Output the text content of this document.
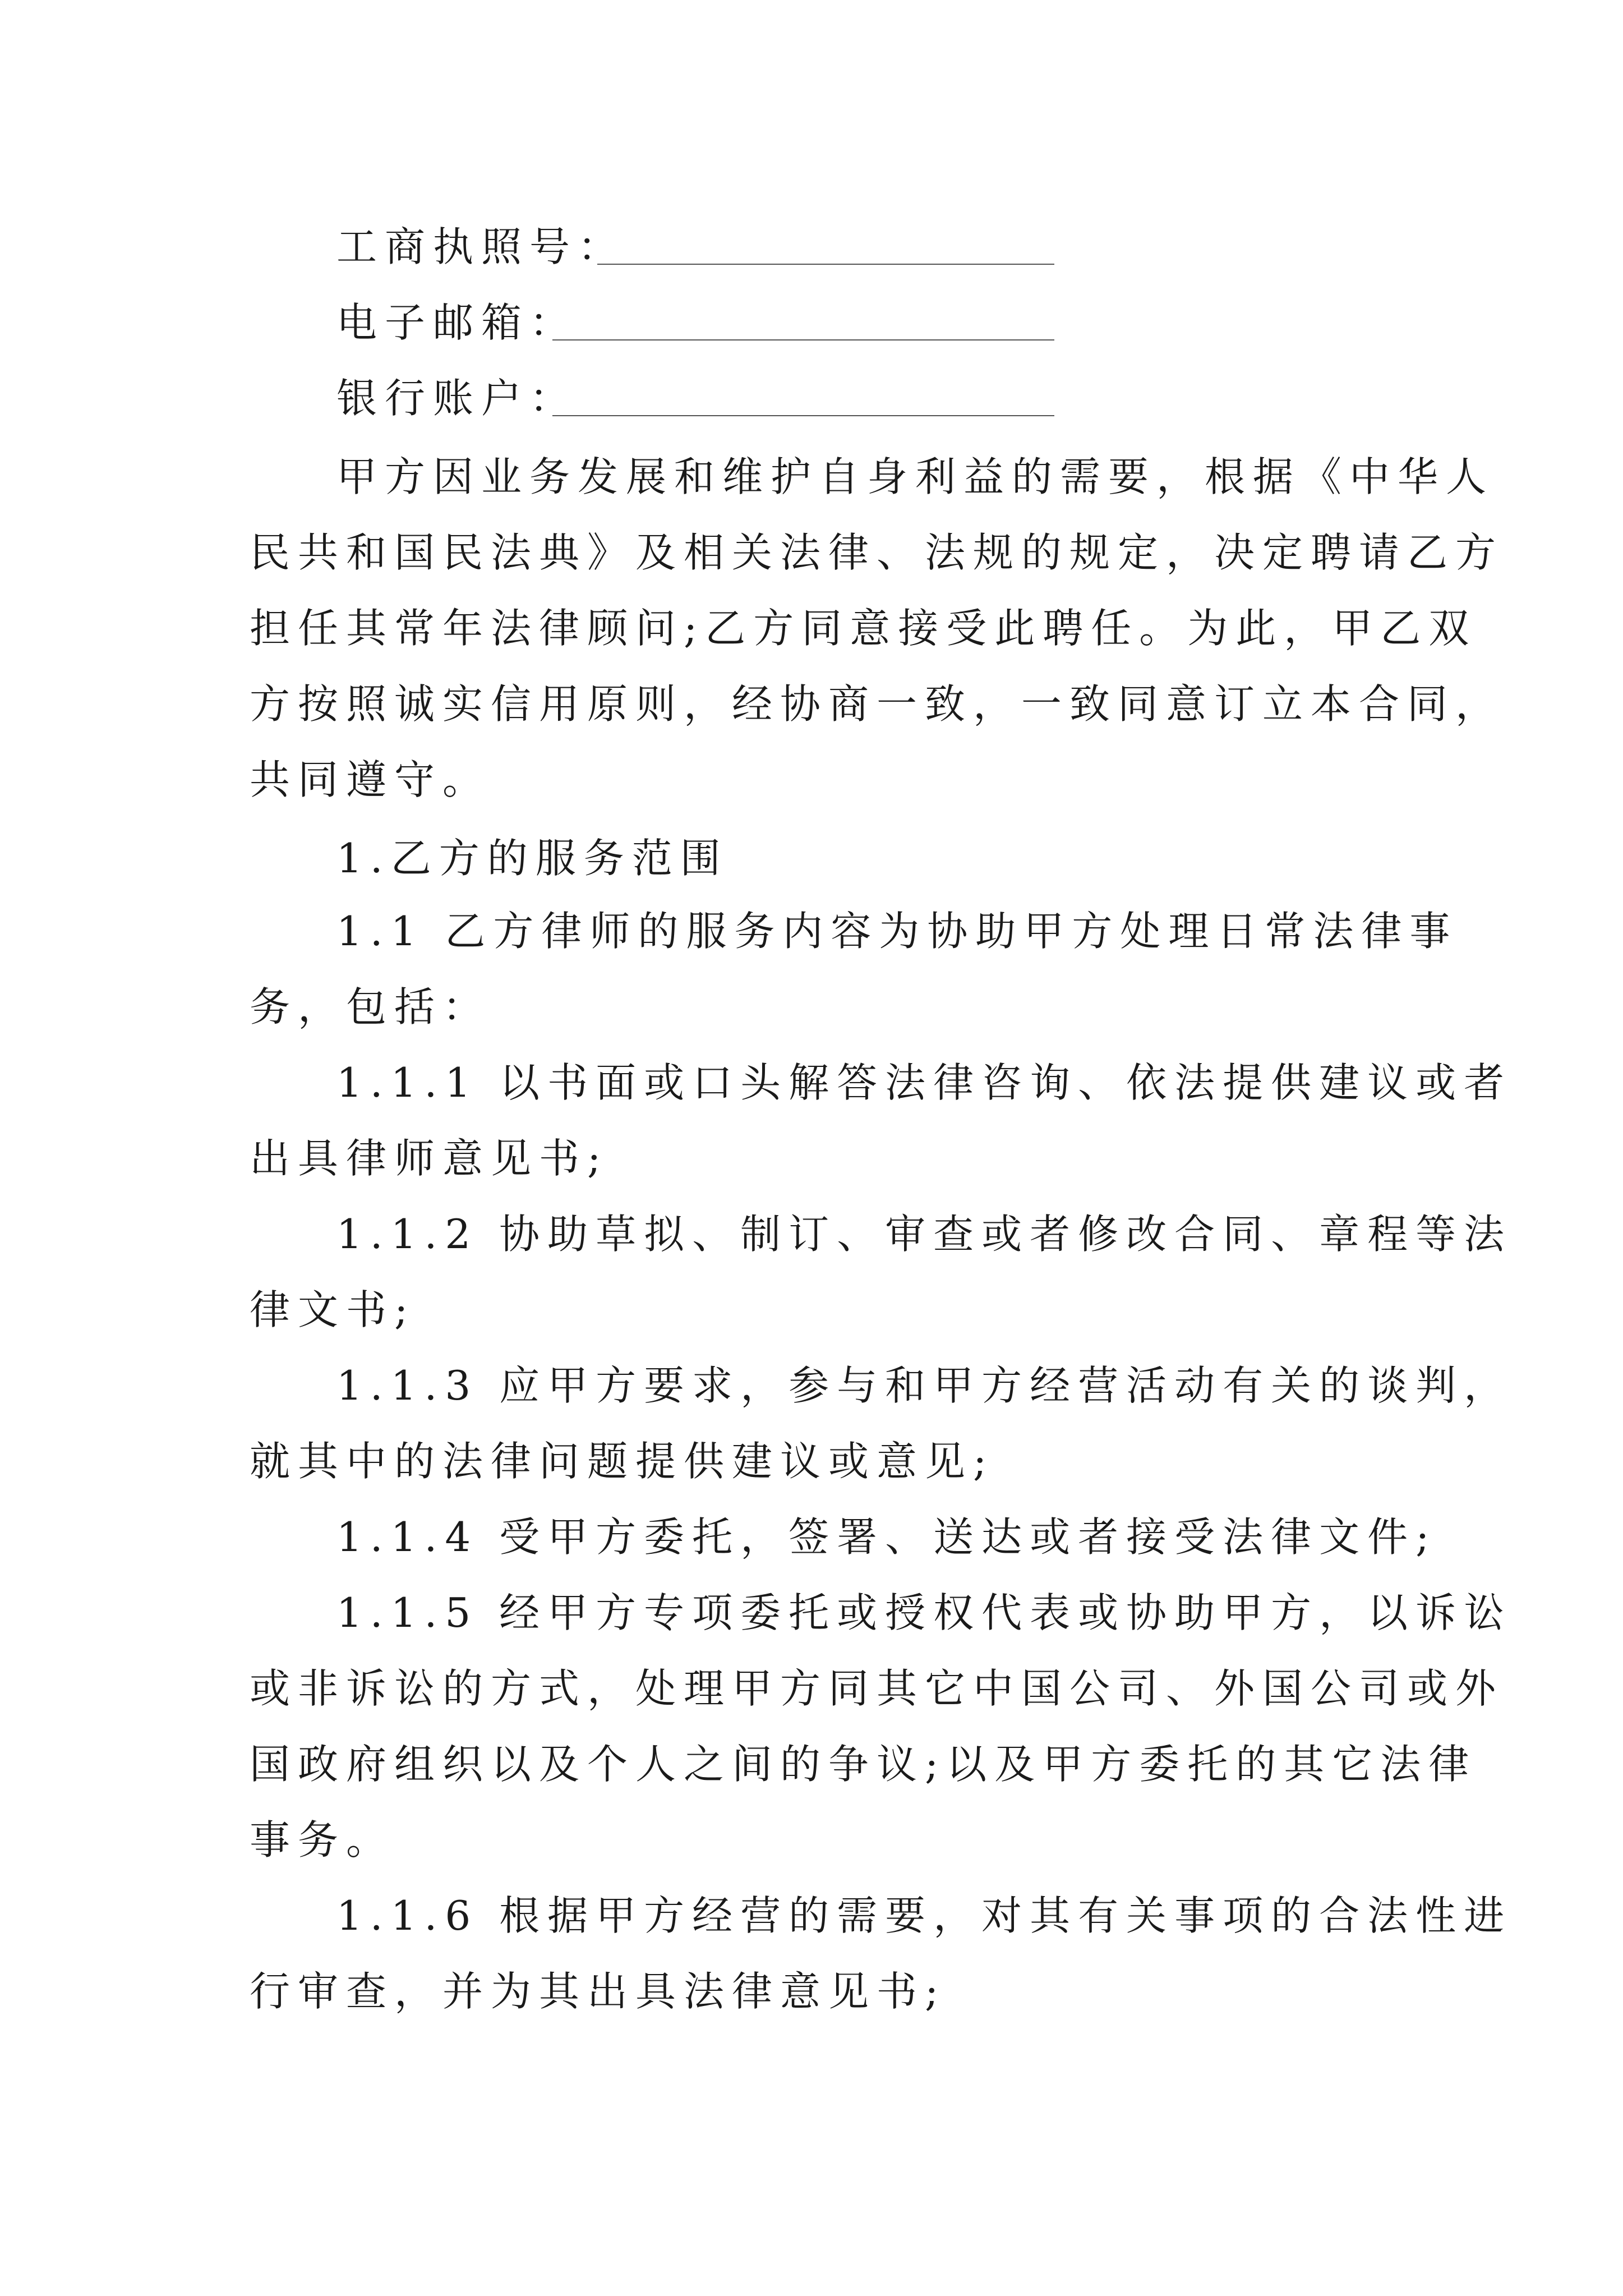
工商执照号：
电子邮箱：
银行账户：
甲方因业务发展和维护自身利益的需要，根据《中华人
民共和国民法典》及相关法律、法规的规定，决定聘请乙方
担任其常年法律顾问;乙方同意接受此聘任。为此，甲乙双
方按照诚实信用原则，经协商一致，一致同意订立本合同，
共同遵守。
1.乙方的服务范围
1.1 乙方律师的服务内容为协助甲方处理日常法律事
务，包括：
1.1.1 以书面或口头解答法律咨询、依法提供建议或者
出具律师意见书;
1.1.2 协助草拟、制订、审查或者修改合同、章程等法
律文书;
1.1.3 应甲方要求，参与和甲方经营活动有关的谈判，
就其中的法律问题提供建议或意见;
1.1.4 受甲方委托，签署、送达或者接受法律文件;
1.1.5 经甲方专项委托或授权代表或协助甲方，以诉讼
或非诉讼的方式，处理甲方同其它中国公司、外国公司或外
国政府组织以及个人之间的争议;以及甲方委托的其它法律
事务。
1.1.6 根据甲方经营的需要，对其有关事项的合法性进
行审查，并为其出具法律意见书;
